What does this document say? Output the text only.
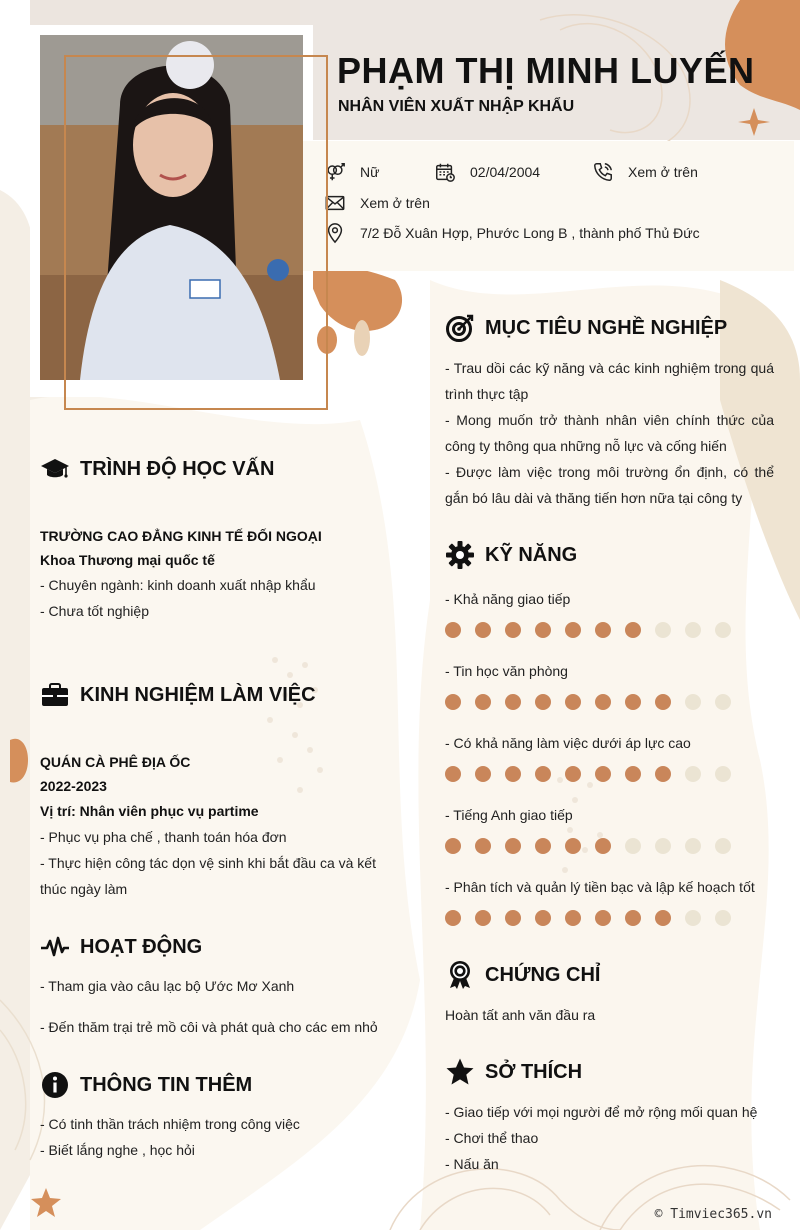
PHẠM THỊ MINH LUYẾN
NHÂN VIÊN XUẤT NHẬP KHẨU
Nữ	02/04/2004	Xem ở trên
Xem ở trên
7/2 Đỗ Xuân Hợp, Phước Long B , thành phố Thủ Đức
TRÌNH ĐỘ HỌC VẤN
TRƯỜNG CAO ĐẲNG KINH TẾ ĐỐI NGOẠI
Khoa Thương mại quốc tế
- Chuyên ngành: kinh doanh xuất nhập khẩu
- Chưa tốt nghiệp
KINH NGHIỆM LÀM VIỆC
QUÁN CÀ PHÊ ĐỊA ỐC
2022-2023
Vị trí: Nhân viên phục vụ partime
- Phục vụ pha chế , thanh toán hóa đơn
- Thực hiện công tác dọn vệ sinh khi bắt đầu ca và kết thúc ngày làm
HOẠT ĐỘNG
- Tham gia vào câu lạc bộ Ước Mơ Xanh
- Đến thăm trại trẻ mồ côi và phát quà cho các em nhỏ
THÔNG TIN THÊM
- Có tinh thần trách nhiệm trong công việc
- Biết lắng nghe , học hỏi
MỤC TIÊU NGHỀ NGHIỆP
- Trau dồi các kỹ năng và các kinh nghiệm trong quá trình thực tập
- Mong muốn trở thành nhân viên chính thức của công ty thông qua những nỗ lực và cống hiến
- Được làm việc trong môi trường ổn định, có thể gắn bó lâu dài và thăng tiến hơn nữa tại công ty
KỸ NĂNG
- Khả năng giao tiếp
- Tin học văn phòng
- Có khả năng làm việc dưới áp lực cao
- Tiếng Anh giao tiếp
- Phân tích và quản lý tiền bạc và lập kế hoạch tốt
CHỨNG CHỈ
Hoàn tất anh văn đầu ra
SỞ THÍCH
- Giao tiếp với mọi người để mở rộng mối quan hệ
- Chơi thể thao
- Nấu ăn
© Timviec365.vn
